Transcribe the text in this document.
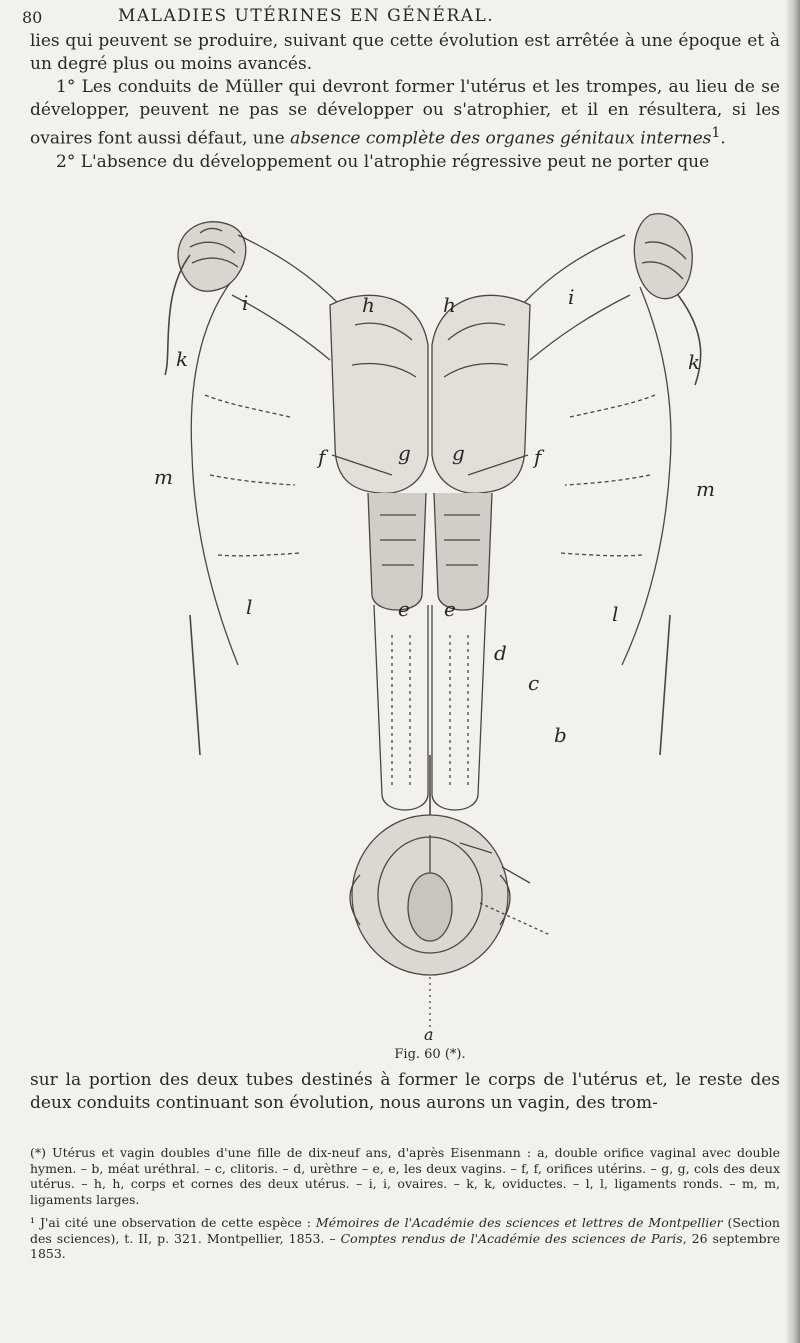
80	MALADIES UTÉRINES EN GÉNÉRAL.

lies qui peuvent se produire, suivant que cette évolution est arrêtée à une époque et à un degré plus ou moins avancés.

1° Les conduits de Müller qui devront former l'utérus et les trompes, au lieu de se développer, peuvent ne pas se développer ou s'atrophier, et il en résultera, si les ovaires font aussi défaut, une absence complète des organes génitaux internes$^1$.

2° L'absence du développement ou l'atrophie régressive peut ne porter que

i	i
k	k
h	h
g g
m	m
f	f
e e
l	l
d
c
b
a
Fig. 60 (*).

sur la portion des deux tubes destinés à former le corps de l'utérus et, le reste des deux conduits continuant son évolution, nous aurons un vagin, des trom-

(*) Utérus et vagin doubles d'une fille de dix-neuf ans, d'après Eisenmann : a, double orifice vaginal avec double hymen. – b, méat uréthral. – c, clitoris. – d, urèthre – e, e, les deux vagins. – f, f, orifices utérins. – g, g, cols des deux utérus. – h, h, corps et cornes des deux utérus. – i, i, ovaires. – k, k, oviductes. – l, l, ligaments ronds. – m, m, ligaments larges.

¹ J'ai cité une observation de cette espèce : Mémoires de l'Académie des sciences et lettres de Montpellier (Section des sciences), t. II, p. 321. Montpellier, 1853. – Comptes rendus de l'Académie des sciences de Paris, 26 septembre 1853.
